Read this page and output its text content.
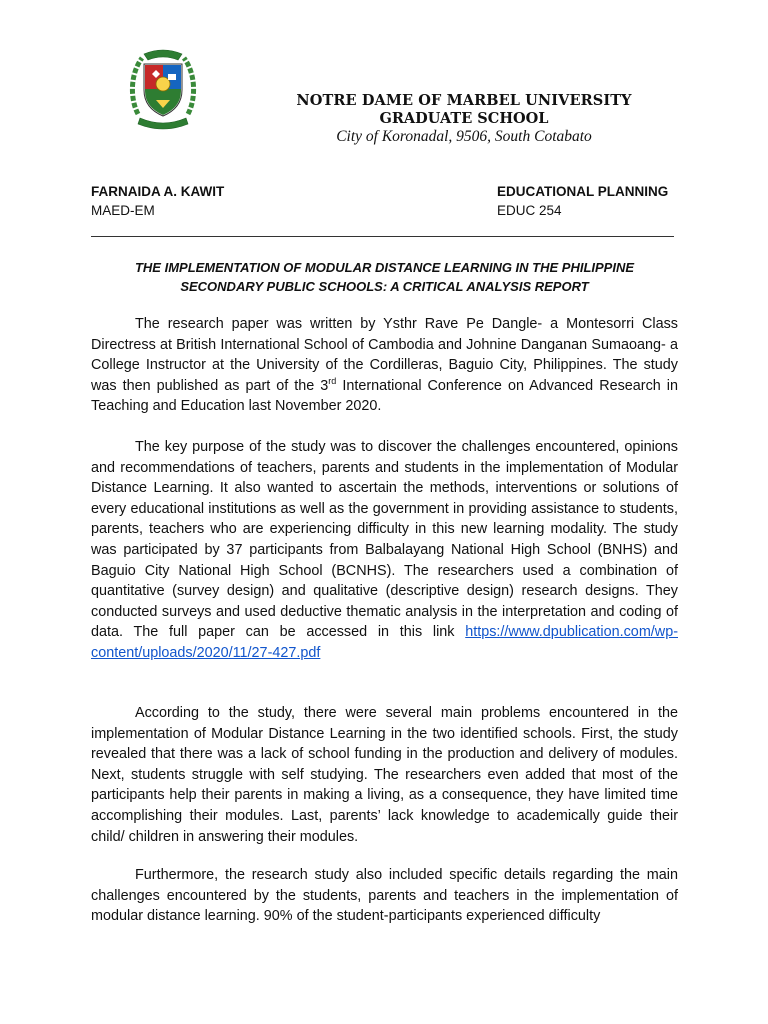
NOTRE DAME OF MARBEL UNIVERSITY
GRADUATE SCHOOL
City of Koronadal, 9506, South Cotabato
FARNAIDA A. KAWIT
MAED-EM
EDUCATIONAL PLANNING
EDUC 254
THE IMPLEMENTATION OF MODULAR DISTANCE LEARNING IN THE PHILIPPINE
SECONDARY PUBLIC SCHOOLS: A CRITICAL ANALYSIS REPORT

The research paper was written by Ysthr Rave Pe Dangle- a Montesorri Class Directress at British International School of Cambodia and Johnine Danganan Sumaoang- a College Instructor at the University of the Cordilleras, Baguio City, Philippines. The study was then published as part of the 3rd International Conference on Advanced Research in Teaching and Education last November 2020.

The key purpose of the study was to discover the challenges encountered, opinions and recommendations of teachers, parents and students in the implementation of Modular Distance Learning. It also wanted to ascertain the methods, interventions or solutions of every educational institutions as well as the government in providing assistance to students, parents, teachers who are experiencing difficulty in this new learning modality. The study was participated by 37 participants from Balbalayang National High School (BNHS) and Baguio City National High School (BCNHS). The researchers used a combination of quantitative (survey design) and qualitative (descriptive design) research designs. They conducted surveys and used deductive thematic analysis in the interpretation and coding of data. The full paper can be accessed in this link https://www.dpublication.com/wp-content/uploads/2020/11/27-427.pdf

According to the study, there were several main problems encountered in the implementation of Modular Distance Learning in the two identified schools. First, the study revealed that there was a lack of school funding in the production and delivery of modules. Next, students struggle with self studying. The researchers even added that most of the participants help their parents in making a living, as a consequence, they have limited time accomplishing their modules. Last, parents’ lack knowledge to academically guide their child/ children in answering their modules.

Furthermore, the research study also included specific details regarding the main challenges encountered by the students, parents and teachers in the implementation of modular distance learning. 90% of the student-participants experienced difficulty
